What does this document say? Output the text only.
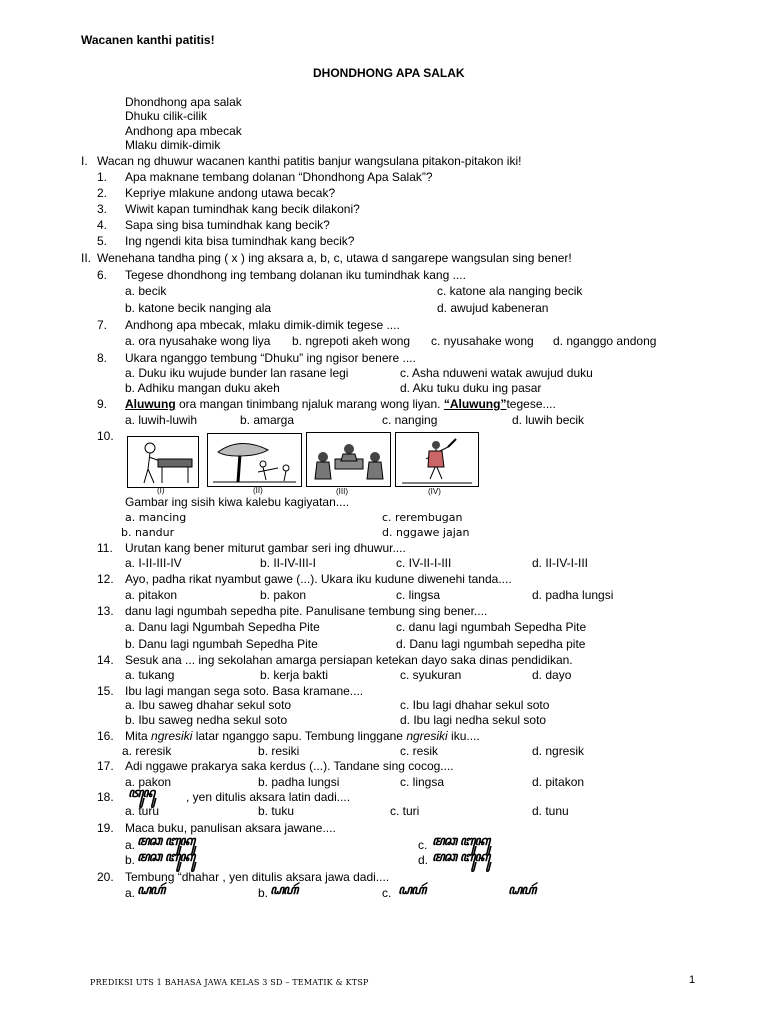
Wacanen kanthi patitis!
DHONDHONG APA SALAK
Dhondhong apa salak
Dhuku cilik-cilik
Andhong apa mbecak
Mlaku dimik-dimik
I. Wacan ng dhuwur wacanen kanthi patitis banjur wangsulana pitakon-pitakon iki!
1. Apa maknane tembang dolanan “Dhondhong Apa Salak”?
2. Kepriye mlakune andong utawa becak?
3. Wiwit kapan tumindhak kang becik dilakoni?
4. Sapa sing bisa tumindhak kang becik?
5. Ing ngendi kita bisa tumindhak kang becik?
II. Wenehana tandha ping ( x ) ing aksara a, b, c, utawa d sangarepe wangsulan sing bener!
6. Tegese dhondhong ing tembang dolanan iku tumindhak kang ....
a. becik	c. katone ala nanging becik
b. katone becik nanging ala	d. awujud kabeneran
7. Andhong apa mbecak, mlaku dimik-dimik tegese ....
a. ora nyusahake wong liya b. ngrepoti akeh wong c. nyusahake wong d. nganggo andong
8. Ukara nganggo tembung “Dhuku” ing ngisor benere ....
a. Duku iku wujude bunder lan rasane legi	c. Asha nduweni watak awujud duku
b. Adhiku mangan duku akeh	d. Aku tuku duku ing pasar
9. Aluwung ora mangan tinimbang njaluk marang wong liyan. “Aluwung”tegese....
a. luwih-luwih	b. amarga	c. nanging	d. luwih becik
10.
(I)	(II)	(III)	(IV)
Gambar ing sisih kiwa kalebu kagiyatan....
a. mancing	c. rerembugan
b. nandur	d. nggawe jajan
11. Urutan kang bener miturut gambar seri ing dhuwur....
a. I-II-III-IV	b. II-IV-III-I	c. IV-II-I-III	d. II-IV-I-III
12. Ayo, padha rikat nyambut gawe (...). Ukara iku kudune diwenehi tanda....
a. pitakon	b. pakon	c. lingsa	d. padha lungsi
13. danu lagi ngumbah sepedha pite. Panulisane tembung sing bener....
a. Danu lagi Ngumbah Sepedha Pite	c. danu lagi ngumbah Sepedha Pite
b. Danu lagi ngumbah Sepedha Pite	d. Danu lagi ngumbah sepedha pite
14. Sesuk ana ... ing sekolahan amarga persiapan ketekan dayo saka dinas pendidikan.
a. tukang	b. kerja bakti	c. syukuran	d. dayo
15. Ibu lagi mangan sega soto. Basa kramane....
a. Ibu saweg dhahar sekul soto	c. Ibu lagi dhahar sekul soto
b. Ibu saweg nedha sekul soto	d. Ibu lagi nedha sekul soto
16. Mita ngresiki latar nganggo sapu. Tembung linggane ngresiki iku....
a. reresik	b. resiki	c. resik	d. ngresik
17. Adi nggawe prakarya saka kerdus (...). Tandane sing cocog....
a. pakon	b. padha lungsi	c. lingsa	d. pitakon
18. ꦠꦸꦤꦸ	, yen ditulis aksara latin dadi....
a. turu	b. tuku	c. turi	d. tunu
19. Maca buku, panulisan aksara jawane....
a. ꦩꦕ ꦧꦸꦏꦸ	c. ꦩꦕ ꦧꦸꦏꦸ
b. ꦩꦕ ꦧꦸꦏꦸ	d. ꦩꦕ ꦧꦸꦏꦸ
20. Tembung “dhahar , yen ditulis aksara jawa dadi....
a. ꦝꦲꦂ	b. ꦝꦲꦂ	c. ꦝꦲꦂ	ꦝꦲꦂ
PREDIKSI UTS 1 BAHASA JAWA KELAS 3 SD – TEMATIK & KTSP	1
